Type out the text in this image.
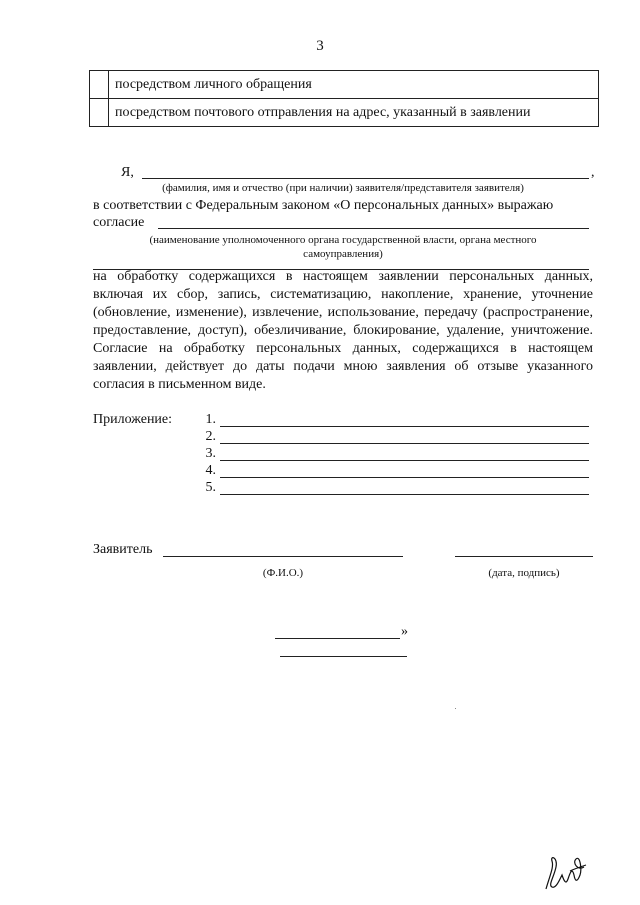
3
	посредством личного обращения
	посредством почтового отправления на адрес, указанный в заявлении
Я,	,
(фамилия, имя и отчество (при наличии) заявителя/представителя заявителя)
в соответствии с Федеральным законом «О персональных данных» выражаю
согласие
(наименование уполномоченного органа государственной власти, органа местного
самоуправления)

на обработку содержащихся в настоящем заявлении персональных данных, включая их сбор, запись, систематизацию, накопление, хранение, уточнение (обновление, изменение), извлечение, использование, передачу (распространение, предоставление, доступ), обезличивание, блокирование, удаление, уничтожение. Согласие на обработку персональных данных, содержащихся в настоящем заявлении, действует до даты подачи мною заявления об отзыве указанного согласия в письменном виде.

Приложение:	1.
2.
3.
4.
5.
Заявитель
(Ф.И.О.)	(дата, подпись)
»
